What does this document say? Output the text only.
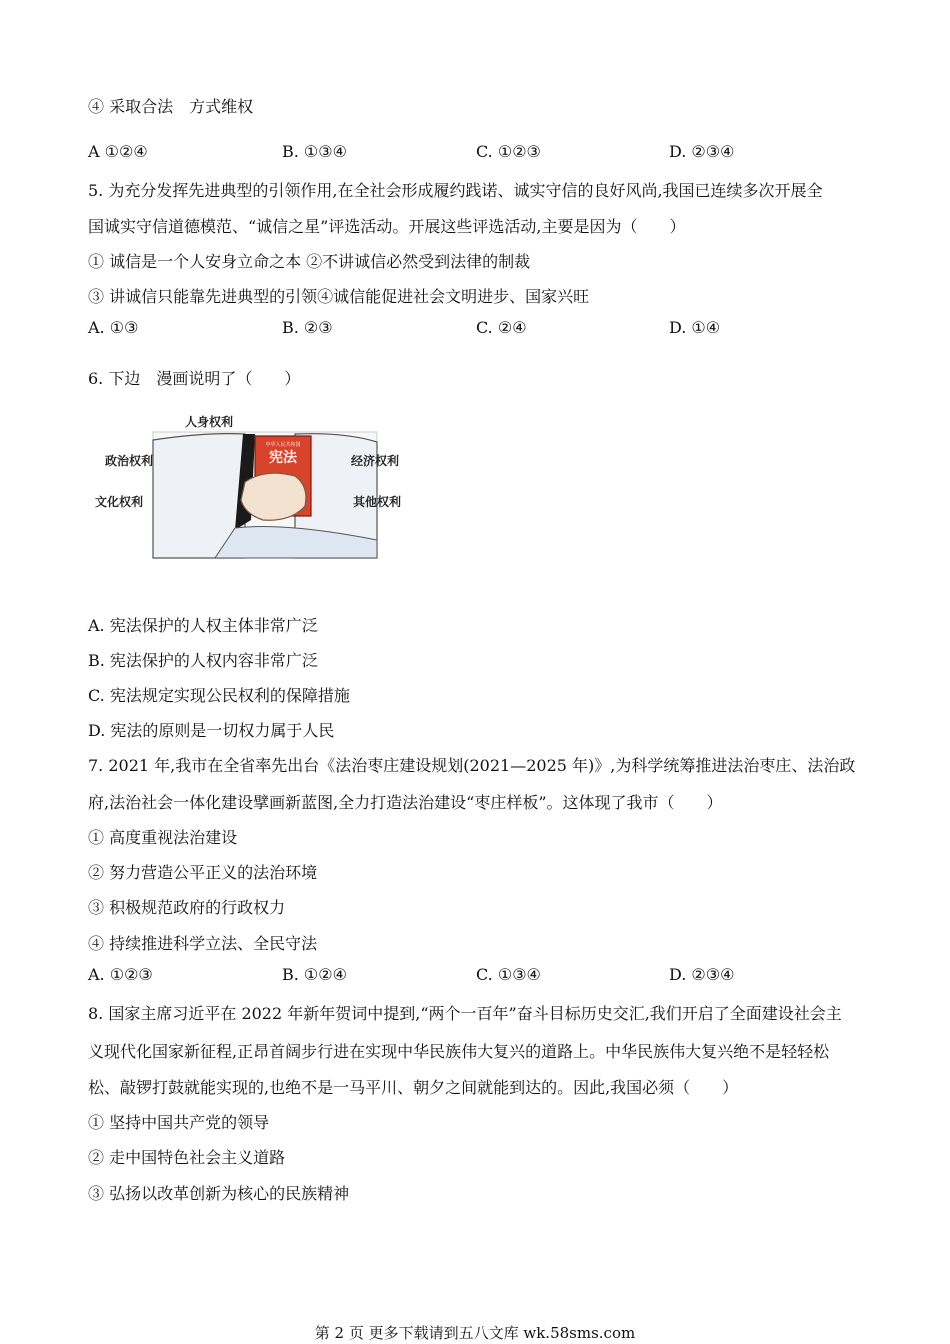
④ 采取合法　方式维权
A ①②④	B. ①③④	C. ①②③	D. ②③④
5. 为充分发挥先进典型的引领作用,在全社会形成履约践诺、诚实守信的良好风尚,我国已连续多次开展全
国诚实守信道德模范、“诚信之星”评选活动。开展这些评选活动,主要是因为（　　）
① 诚信是一个人安身立命之本 ②不讲诚信必然受到法律的制裁
③ 讲诚信只能靠先进典型的引领④诚信能促进社会文明进步、国家兴旺
A. ①③	B. ②③	C. ②④	D. ①④
6. 下边　漫画说明了（　　）
中华人民共和国
宪法
人身权利
政治权利
文化权利
经济权利
其他权利
A. 宪法保护的人权主体非常广泛
B. 宪法保护的人权内容非常广泛
C. 宪法规定实现公民权利的保障措施
D. 宪法的原则是一切权力属于人民
7. 2021 年,我市在全省率先出台《法治枣庄建设规划(2021—2025 年)》,为科学统筹推进法治枣庄、法治政
府,法治社会一体化建设擘画新蓝图,全力打造法治建设“枣庄样板”。这体现了我市（　　）
① 高度重视法治建设
② 努力营造公平正义的法治环境
③ 积极规范政府的行政权力
④ 持续推进科学立法、全民守法
A. ①②③	B. ①②④	C. ①③④	D. ②③④
8. 国家主席习近平在 2022 年新年贺词中提到,“两个一百年”奋斗目标历史交汇,我们开启了全面建设社会主
义现代化国家新征程,正昂首阔步行进在实现中华民族伟大复兴的道路上。中华民族伟大复兴绝不是轻轻松
松、敲锣打鼓就能实现的,也绝不是一马平川、朝夕之间就能到达的。因此,我国必须（　　）
① 坚持中国共产党的领导
② 走中国特色社会主义道路
③ 弘扬以改革创新为核心的民族精神
第 2 页 更多下载请到五八文库 wk.58sms.com
